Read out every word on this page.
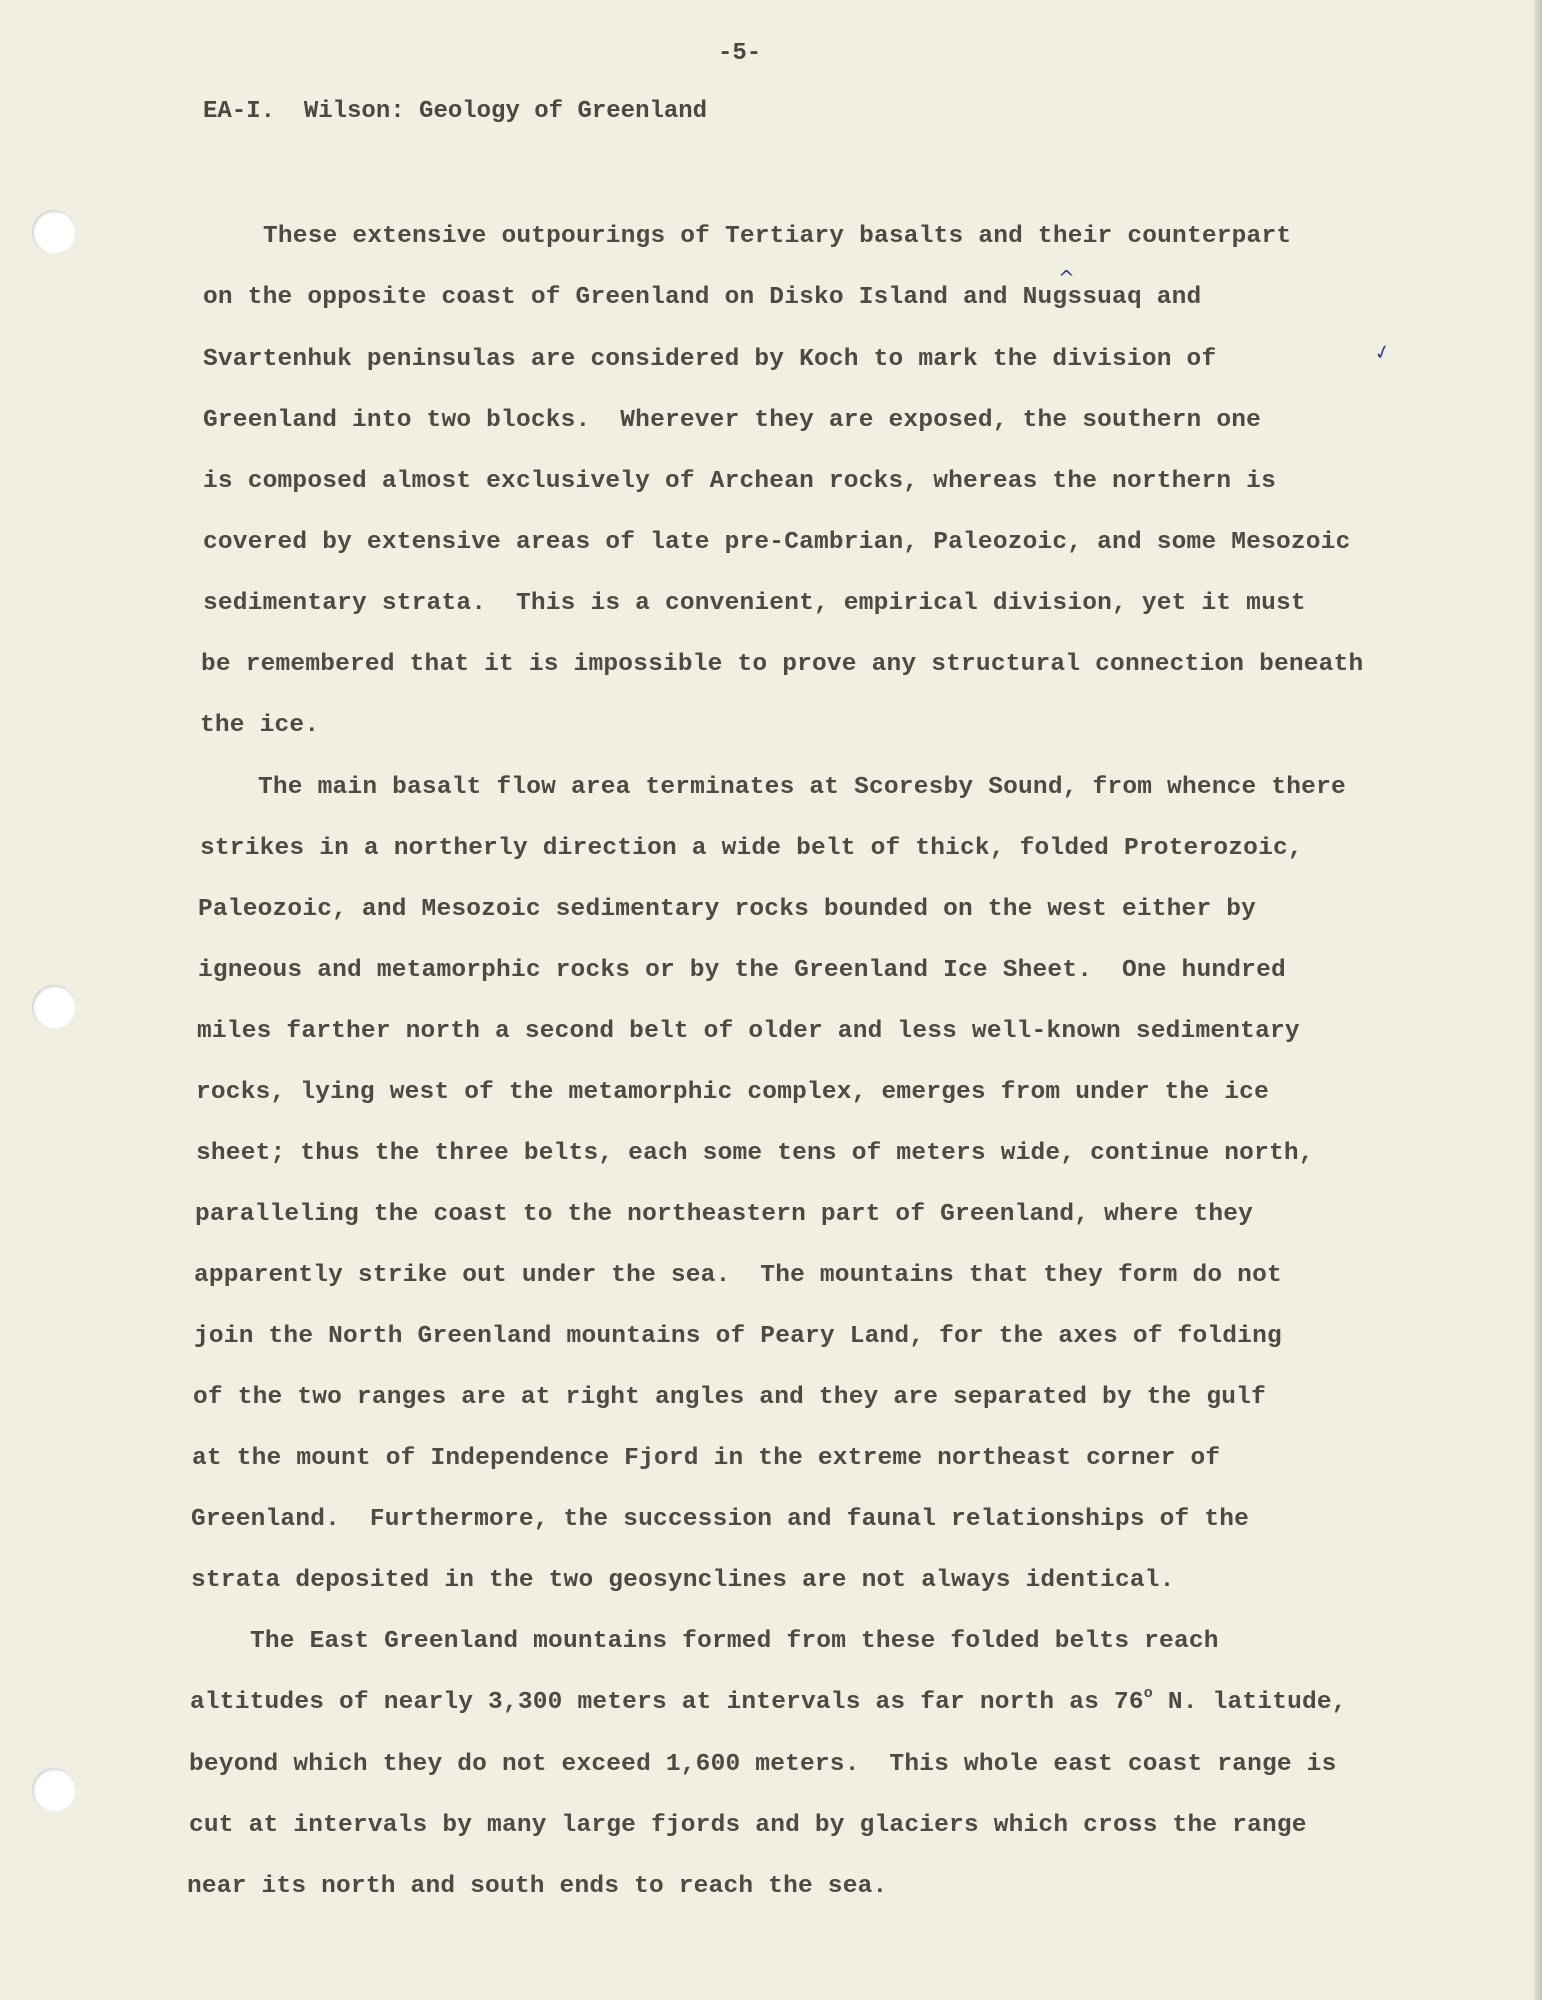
-5-
EA-I.  Wilson: Geology of Greenland
These extensive outpourings of Tertiary basalts and their counterpart
on the opposite coast of Greenland on Disko Island and Nugssuaq and
Svartenhuk peninsulas are considered by Koch to mark the division of
Greenland into two blocks.  Wherever they are exposed, the southern one
is composed almost exclusively of Archean rocks, whereas the northern is
covered by extensive areas of late pre-Cambrian, Paleozoic, and some Mesozoic
sedimentary strata.  This is a convenient, empirical division, yet it must
be remembered that it is impossible to prove any structural connection beneath
the ice.
The main basalt flow area terminates at Scoresby Sound, from whence there
strikes in a northerly direction a wide belt of thick, folded Proterozoic,
Paleozoic, and Mesozoic sedimentary rocks bounded on the west either by
igneous and metamorphic rocks or by the Greenland Ice Sheet.  One hundred
miles farther north a second belt of older and less well-known sedimentary
rocks, lying west of the metamorphic complex, emerges from under the ice
sheet; thus the three belts, each some tens of meters wide, continue north,
paralleling the coast to the northeastern part of Greenland, where they
apparently strike out under the sea.  The mountains that they form do not
join the North Greenland mountains of Peary Land, for the axes of folding
of the two ranges are at right angles and they are separated by the gulf
at the mount of Independence Fjord in the extreme northeast corner of
Greenland.  Furthermore, the succession and faunal relationships of the
strata deposited in the two geosynclines are not always identical.
The East Greenland mountains formed from these folded belts reach
altitudes of nearly 3,300 meters at intervals as far north as 76$^o$ N. latitude,
beyond which they do not exceed 1,600 meters.  This whole east coast range is
cut at intervals by many large fjords and by glaciers which cross the range
near its north and south ends to reach the sea.
^
✓
